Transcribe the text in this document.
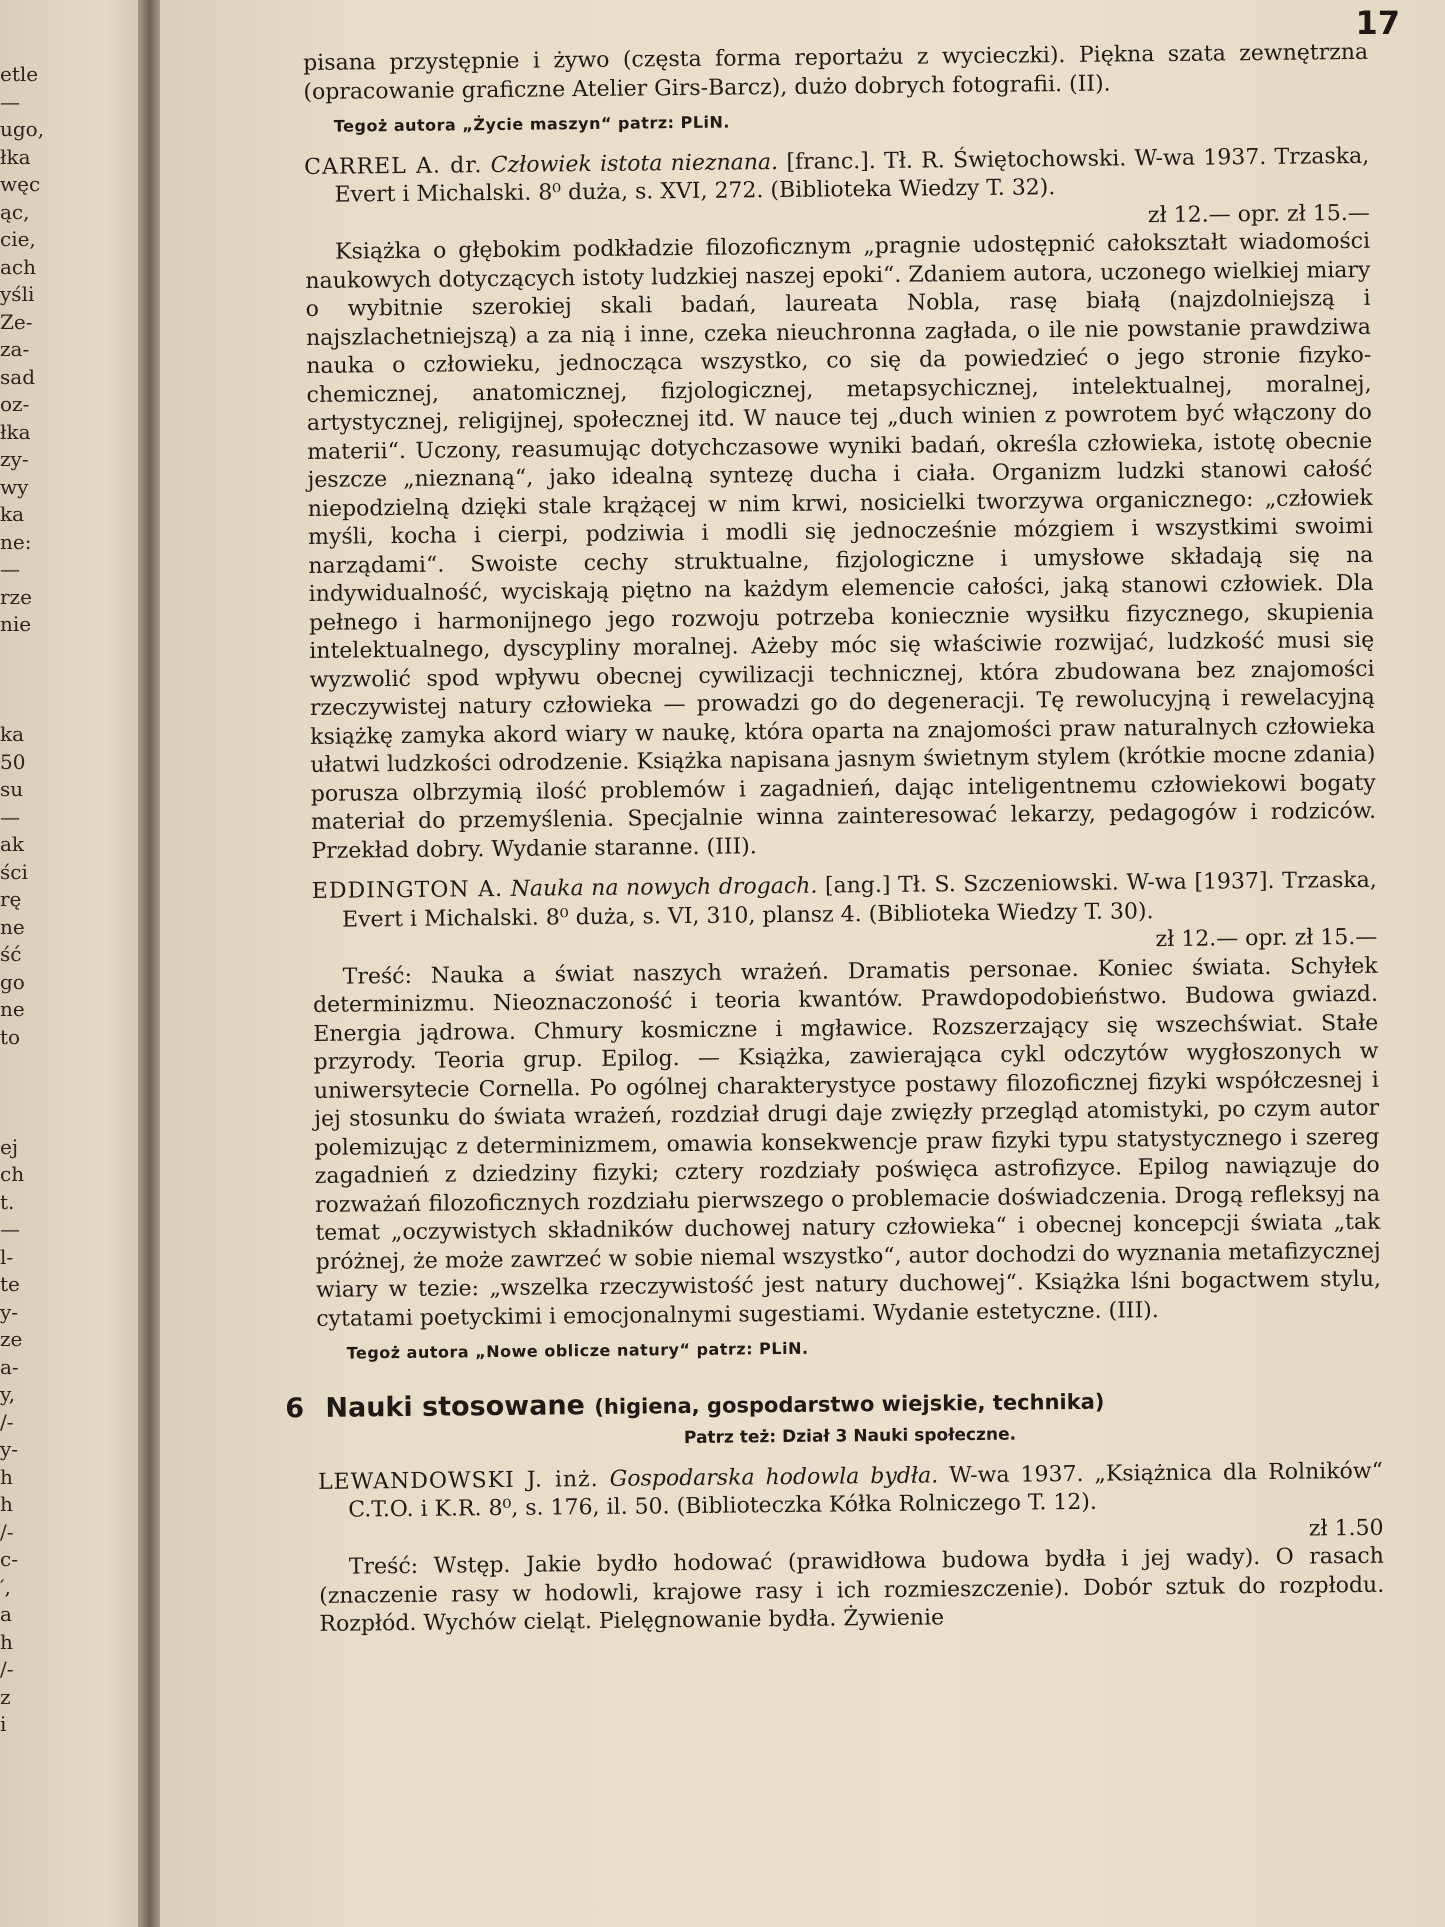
etle
—
ugo,
łka
węc
ąc,
cie,
ach
yśli
Ze-
za-
sad
oz-
łka
zy-
wy
ka
ne:
—
rze
nie
ka
50
su
—
ak
ści
rę
ne
ść
go
ne
to
ej
ch
t.
—
l-
te
y-
ze
a-
y,
/-
y-
h
h
/-
c-
′,
a
h
/-
z
i
17

pisana przystępnie i żywo (częsta forma reportażu z wycieczki). Piękna szata zewnętrzna (opracowanie graficzne Atelier Girs-Barcz), dużo dobrych fotografii. (II).

Tegoż autora „Życie maszyn“ patrz: PLiN.

CARREL A. dr. Człowiek istota nieznana. [franc.]. Tł. R. Świętochowski. W-wa 1937. Trzaska, Evert i Michalski. 8⁰ duża, s. XVI, 272. (Biblioteka Wiedzy T. 32).
zł 12.— opr. zł 15.—

Książka o głębokim podkładzie filozoficznym „pragnie udostępnić całokształt wiadomości naukowych dotyczących istoty ludzkiej naszej epoki“. Zdaniem autora, uczonego wielkiej miary o wybitnie szerokiej skali badań, laureata Nobla, rasę białą (najzdolniejszą i najszlachetniejszą) a za nią i inne, czeka nieuchronna zagłada, o ile nie powstanie prawdziwa nauka o człowieku, jednocząca wszystko, co się da powiedzieć o jego stronie fizyko-chemicznej, anatomicznej, fizjologicznej, metapsychicznej, intelektualnej, moralnej, artystycznej, religijnej, społecznej itd. W nauce tej „duch winien z powrotem być włączony do materii“. Uczony, reasumując dotychczasowe wyniki badań, określa człowieka, istotę obecnie jeszcze „nieznaną“, jako idealną syntezę ducha i ciała. Organizm ludzki stanowi całość niepodzielną dzięki stale krążącej w nim krwi, nosicielki tworzywa organicznego: „człowiek myśli, kocha i cierpi, podziwia i modli się jednocześnie mózgiem i wszystkimi swoimi narządami“. Swoiste cechy struktualne, fizjologiczne i umysłowe składają się na indywidualność, wyciskają piętno na każdym elemencie całości, jaką stanowi człowiek. Dla pełnego i harmonijnego jego rozwoju potrzeba koniecznie wysiłku fizycznego, skupienia intelektualnego, dyscypliny moralnej. Ażeby móc się właściwie rozwijać, ludzkość musi się wyzwolić spod wpływu obecnej cywilizacji technicznej, która zbudowana bez znajomości rzeczywistej natury człowieka — prowadzi go do degeneracji. Tę rewolucyjną i rewelacyjną książkę zamyka akord wiary w naukę, która oparta na znajomości praw naturalnych człowieka ułatwi ludzkości odrodzenie. Książka napisana jasnym świetnym stylem (krótkie mocne zdania) porusza olbrzymią ilość problemów i zagadnień, dając inteligentnemu człowiekowi bogaty materiał do przemyślenia. Specjalnie winna zainteresować lekarzy, pedagogów i rodziców. Przekład dobry. Wydanie staranne. (III).

EDDINGTON A. Nauka na nowych drogach. [ang.] Tł. S. Szczeniowski. W-wa [1937]. Trzaska, Evert i Michalski. 8⁰ duża, s. VI, 310, plansz 4. (Biblioteka Wiedzy T. 30).
zł 12.— opr. zł 15.—

Treść: Nauka a świat naszych wrażeń. Dramatis personae. Koniec świata. Schyłek determinizmu. Nieoznaczoność i teoria kwantów. Prawdopodobieństwo. Budowa gwiazd. Energia jądrowa. Chmury kosmiczne i mgławice. Rozszerzający się wszechświat. Stałe przyrody. Teoria grup. Epilog. — Książka, zawierająca cykl odczytów wygłoszonych w uniwersytecie Cornella. Po ogólnej charakterystyce postawy filozoficznej fizyki współczesnej i jej stosunku do świata wrażeń, rozdział drugi daje zwięzły przegląd atomistyki, po czym autor polemizując z determinizmem, omawia konsekwencje praw fizyki typu statystycznego i szereg zagadnień z dziedziny fizyki; cztery rozdziały poświęca astrofizyce. Epilog nawiązuje do rozważań filozoficznych rozdziału pierwszego o problemacie doświadczenia. Drogą refleksyj na temat „oczywistych składników duchowej natury człowieka“ i obecnej koncepcji świata „tak próżnej, że może zawrzeć w sobie niemal wszystko“, autor dochodzi do wyznania metafizycznej wiary w tezie: „wszelka rzeczywistość jest natury duchowej“. Książka lśni bogactwem stylu, cytatami poetyckimi i emocjonalnymi sugestiami. Wydanie estetyczne. (III).

Tegoż autora „Nowe oblicze natury“ patrz: PLiN.

6 Nauki stosowane (higiena, gospodarstwo wiejskie, technika)
Patrz też: Dział 3 Nauki społeczne.

LEWANDOWSKI J. inż. Gospodarska hodowla bydła. W-wa 1937. „Książnica dla Rolników“ C.T.O. i K.R. 8⁰, s. 176, il. 50. (Biblioteczka Kółka Rolniczego T. 12).
zł 1.50

Treść: Wstęp. Jakie bydło hodować (prawidłowa budowa bydła i jej wady). O rasach (znaczenie rasy w hodowli, krajowe rasy i ich rozmieszczenie). Dobór sztuk do rozpłodu. Rozpłód. Wychów cieląt. Pielęgnowanie bydła. Żywienie
